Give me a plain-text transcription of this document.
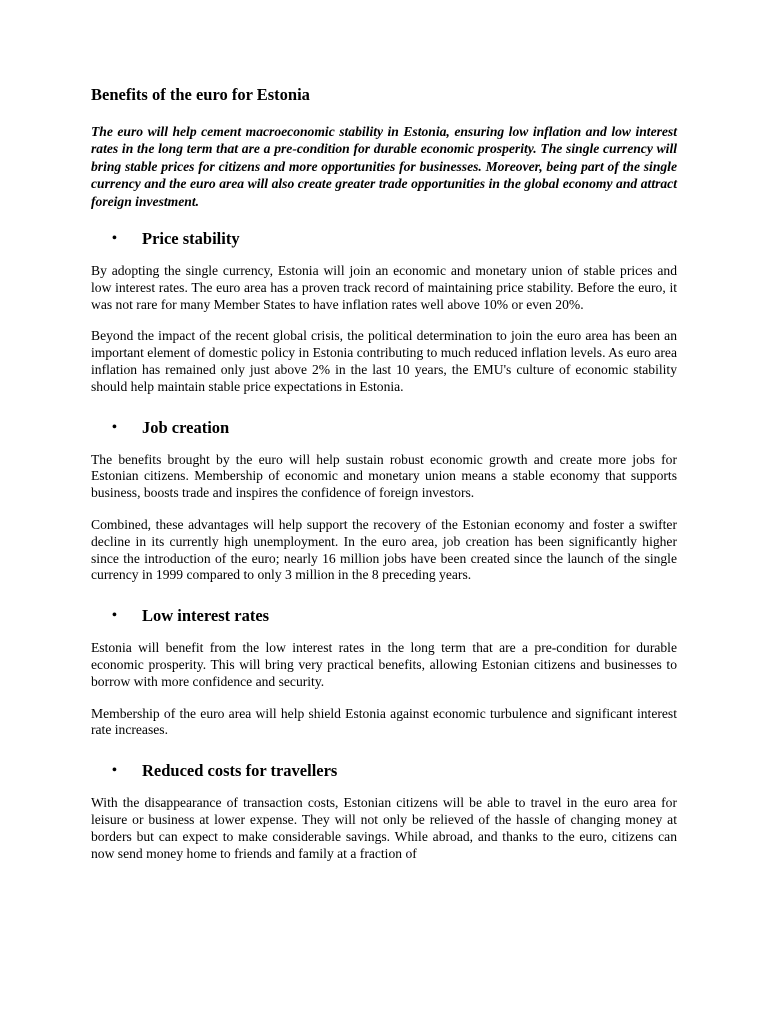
Benefits of the euro for Estonia

The euro will help cement macroeconomic stability in Estonia, ensuring low inflation and low interest rates in the long term that are a pre-condition for durable economic prosperity. The single currency will bring stable prices for citizens and more opportunities for businesses. Moreover, being part of the single currency and the euro area will also create greater trade opportunities in the global economy and attract foreign investment.

•	Price stability

By adopting the single currency, Estonia will join an economic and monetary union of stable prices and low interest rates. The euro area has a proven track record of maintaining price stability. Before the euro, it was not rare for many Member States to have inflation rates well above 10% or even 20%.

Beyond the impact of the recent global crisis, the political determination to join the euro area has been an important element of domestic policy in Estonia contributing to much reduced inflation levels. As euro area inflation has remained only just above 2% in the last 10 years, the EMU's culture of economic stability should help maintain stable price expectations in Estonia.

•	Job creation

The benefits brought by the euro will help sustain robust economic growth and create more jobs for Estonian citizens. Membership of economic and monetary union means a stable economy that supports business, boosts trade and inspires the confidence of foreign investors.

Combined, these advantages will help support the recovery of the Estonian economy and foster a swifter decline in its currently high unemployment. In the euro area, job creation has been significantly higher since the introduction of the euro; nearly 16 million jobs have been created since the launch of the single currency in 1999 compared to only 3 million in the 8 preceding years.

•	Low interest rates

Estonia will benefit from the low interest rates in the long term that are a pre-condition for durable economic prosperity. This will bring very practical benefits, allowing Estonian citizens and businesses to borrow with more confidence and security.

Membership of the euro area will help shield Estonia against economic turbulence and significant interest rate increases.

•	Reduced costs for travellers

With the disappearance of transaction costs, Estonian citizens will be able to travel in the euro area for leisure or business at lower expense. They will not only be relieved of the hassle of changing money at borders but can expect to make considerable savings. While abroad, and thanks to the euro, citizens can now send money home to friends and family at a fraction of
